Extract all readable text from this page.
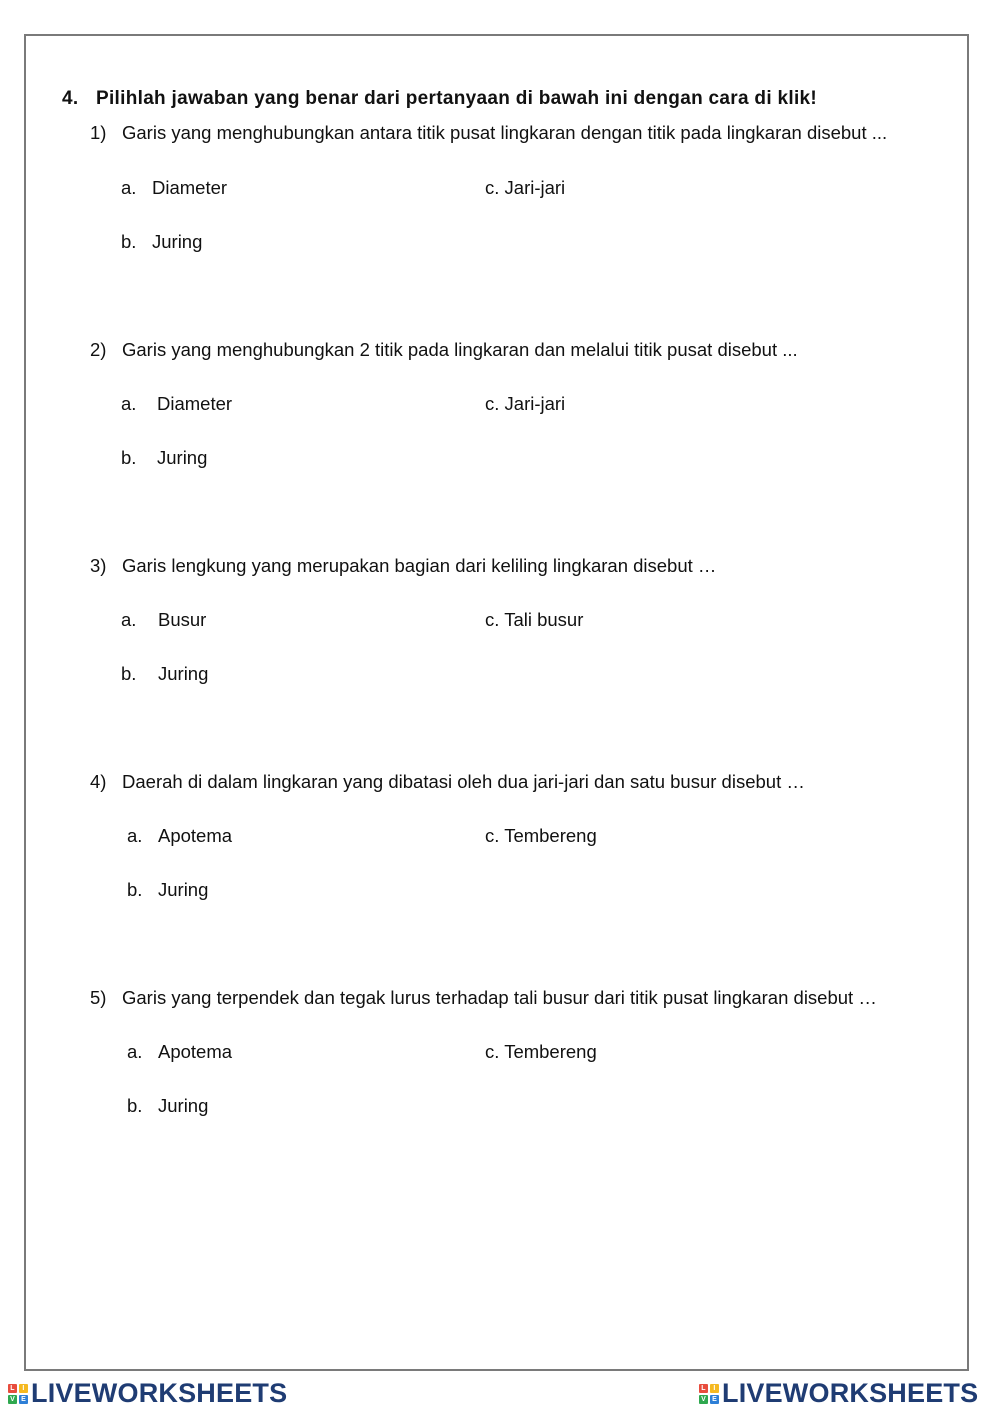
4. Pilihlah jawaban yang benar dari pertanyaan di bawah ini dengan cara di klik!
1) Garis yang menghubungkan antara titik pusat lingkaran dengan titik pada lingkaran disebut ...
a. Diameter
b. Juring
c. Jari-jari
2) Garis yang menghubungkan 2 titik pada lingkaran dan melalui titik pusat disebut ...
a. Diameter
b. Juring
c. Jari-jari
3) Garis lengkung yang merupakan bagian dari keliling lingkaran disebut …
a. Busur
b. Juring
c. Tali busur
4) Daerah di dalam lingkaran yang dibatasi oleh dua jari-jari dan satu busur disebut …
a. Apotema
b. Juring
c. Tembereng
5) Garis yang terpendek dan tegak lurus terhadap tali busur dari titik pusat lingkaran disebut …
a. Apotema
b. Juring
c. Tembereng
L	I
V E LIVEWORKSHEETS	L	I
V E LIVEWORKSHEETS
